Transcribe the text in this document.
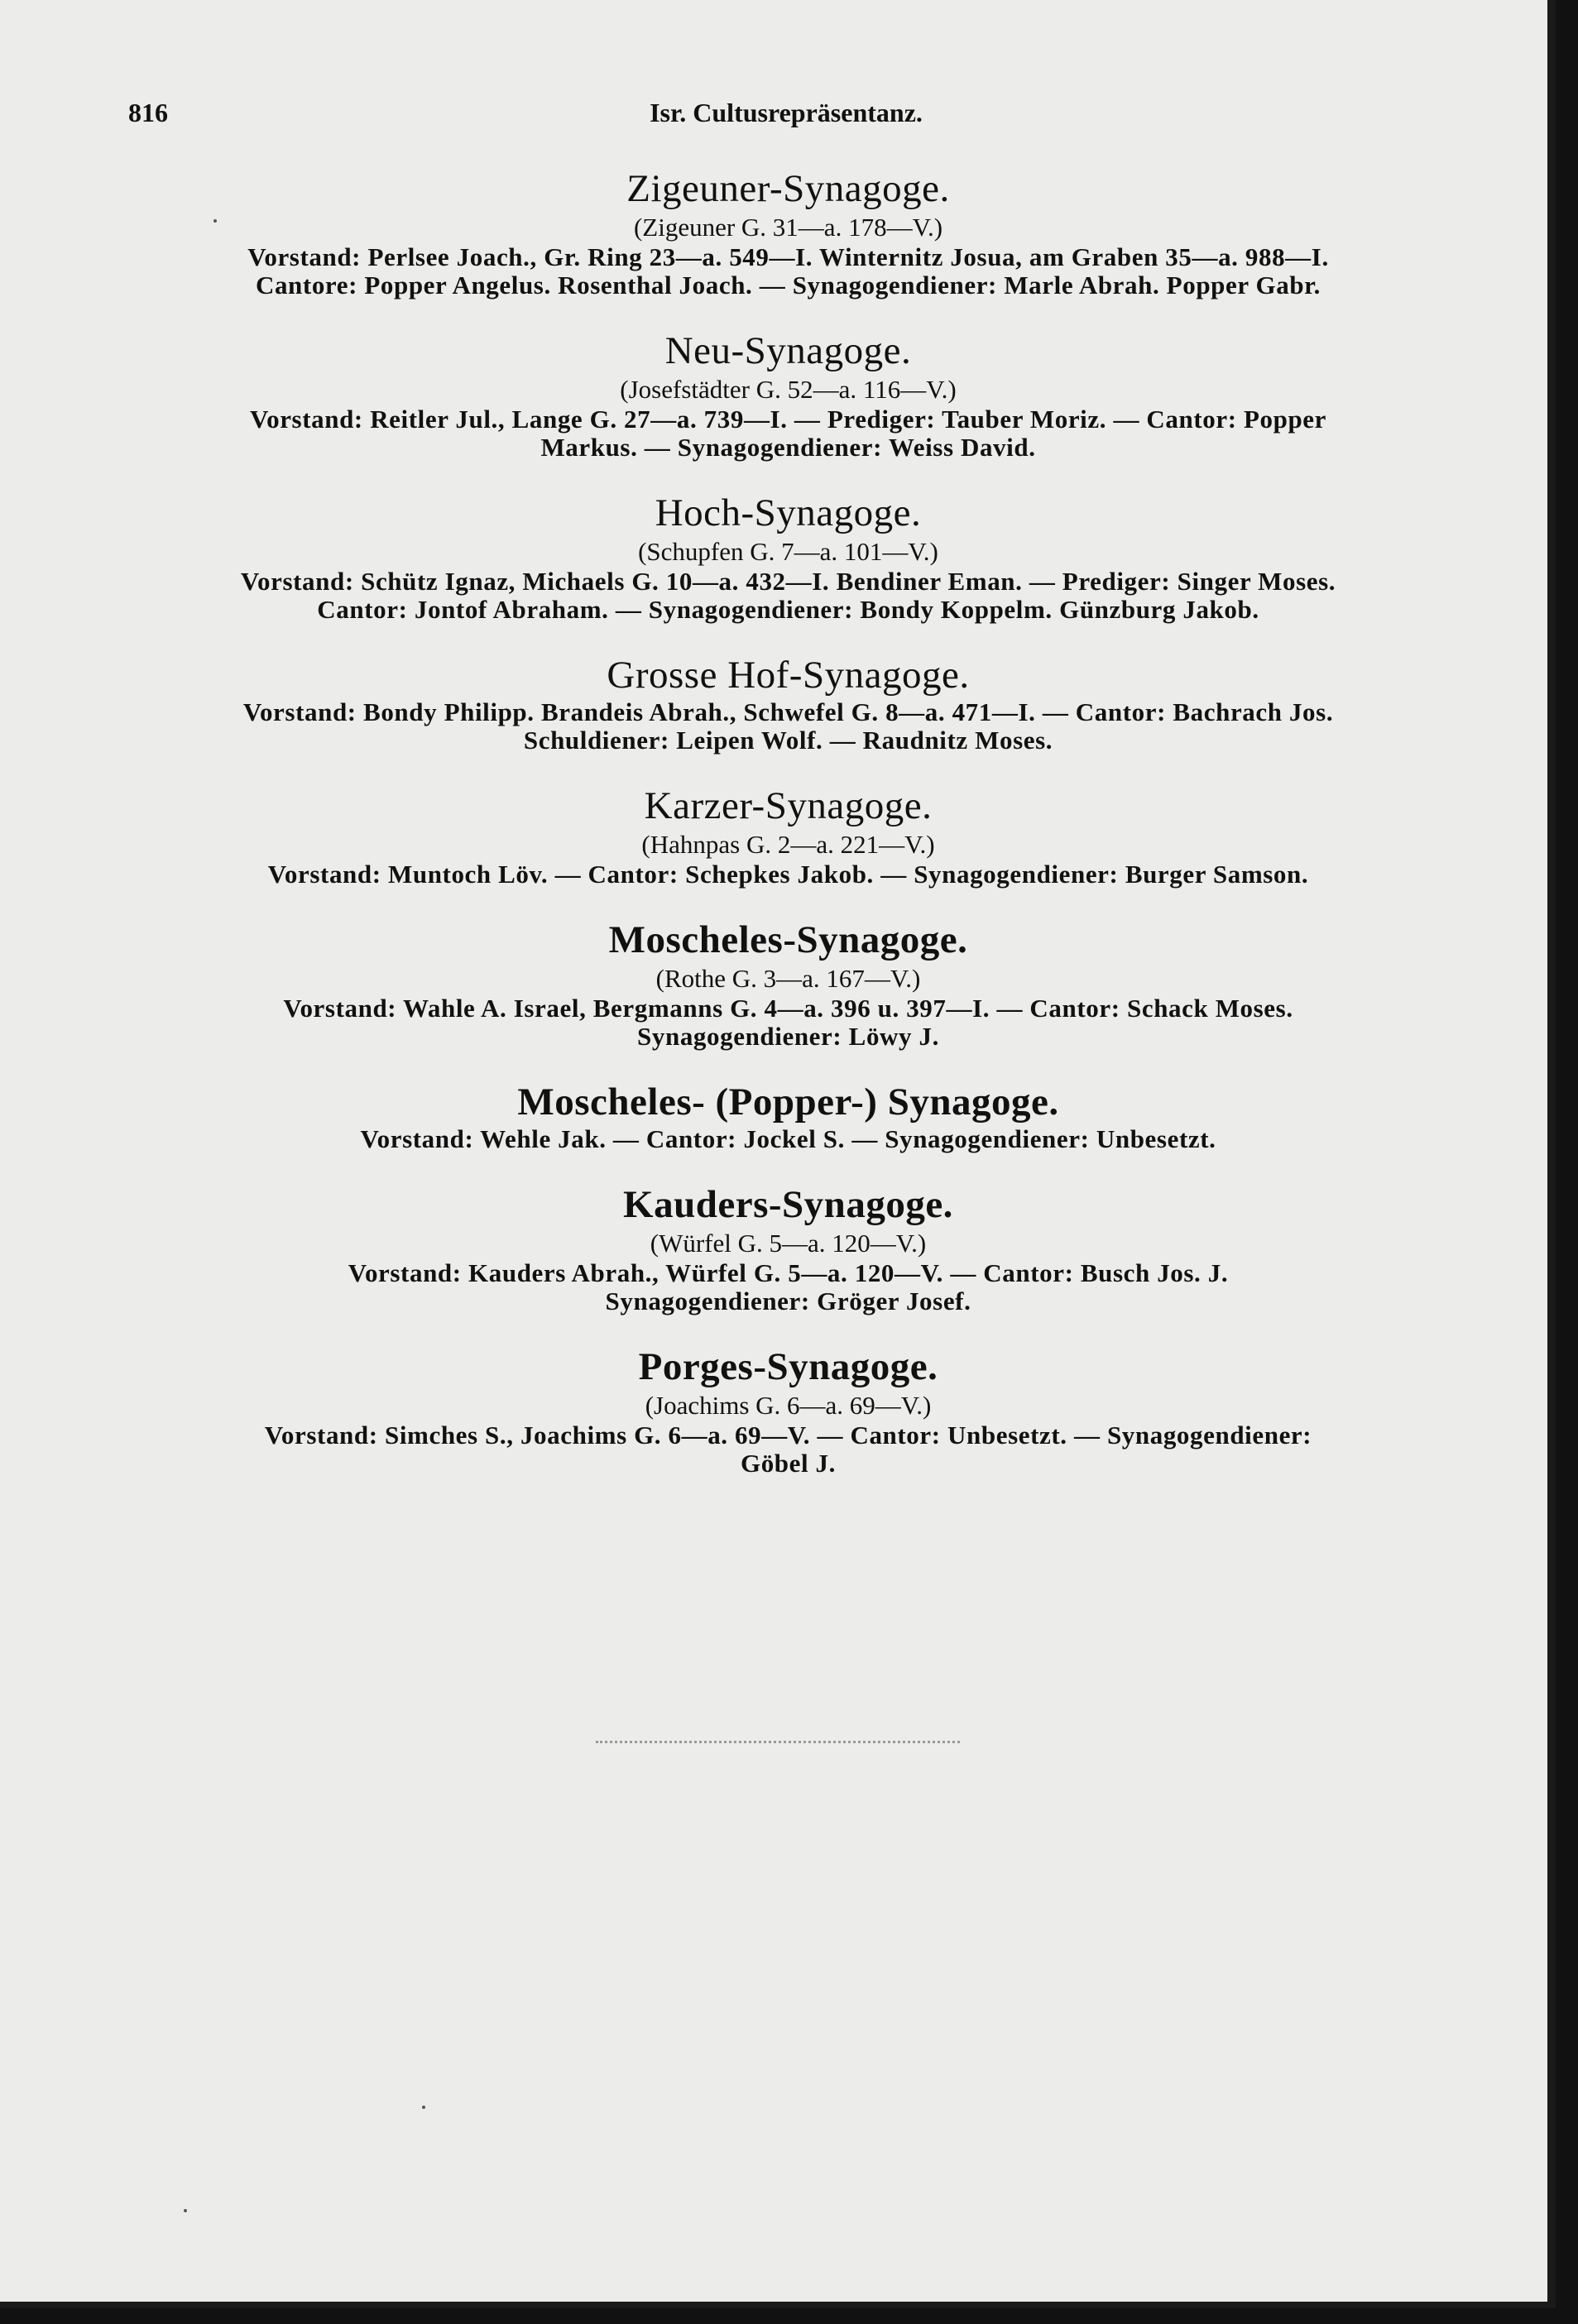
816	Isr. Cultusrepräsentanz.
Zigeuner-Synagoge.
(Zigeuner G. 31—a. 178—V.)
Vorstand: Perlsee Joach., Gr. Ring 23—a. 549—I. Winternitz Josua, am Graben 35—a. 988—I.
Cantore: Popper Angelus. Rosenthal Joach. — Synagogendiener: Marle Abrah. Popper Gabr.
Neu-Synagoge.
(Josefstädter G. 52—a. 116—V.)
Vorstand: Reitler Jul., Lange G. 27—a. 739—I. — Prediger: Tauber Moriz. — Cantor: Popper
Markus. — Synagogendiener: Weiss David.
Hoch-Synagoge.
(Schupfen G. 7—a. 101—V.)
Vorstand: Schütz Ignaz, Michaels G. 10—a. 432—I. Bendiner Eman. — Prediger: Singer Moses.
Cantor: Jontof Abraham. — Synagogendiener: Bondy Koppelm. Günzburg Jakob.
Grosse Hof-Synagoge.
Vorstand: Bondy Philipp. Brandeis Abrah., Schwefel G. 8—a. 471—I. — Cantor: Bachrach Jos.
Schuldiener: Leipen Wolf. — Raudnitz Moses.
Karzer-Synagoge.
(Hahnpas G. 2—a. 221—V.)
Vorstand: Muntoch Löv. — Cantor: Schepkes Jakob. — Synagogendiener: Burger Samson.
Moscheles-Synagoge.
(Rothe G. 3—a. 167—V.)
Vorstand: Wahle A. Israel, Bergmanns G. 4—a. 396 u. 397—I. — Cantor: Schack Moses.
Synagogendiener: Löwy J.
Moscheles- (Popper-) Synagoge.
Vorstand: Wehle Jak. — Cantor: Jockel S. — Synagogendiener: Unbesetzt.
Kauders-Synagoge.
(Würfel G. 5—a. 120—V.)
Vorstand: Kauders Abrah., Würfel G. 5—a. 120—V. — Cantor: Busch Jos. J.
Synagogendiener: Gröger Josef.
Porges-Synagoge.
(Joachims G. 6—a. 69—V.)
Vorstand: Simches S., Joachims G. 6—a. 69—V. — Cantor: Unbesetzt. — Synagogendiener:
Göbel J.
